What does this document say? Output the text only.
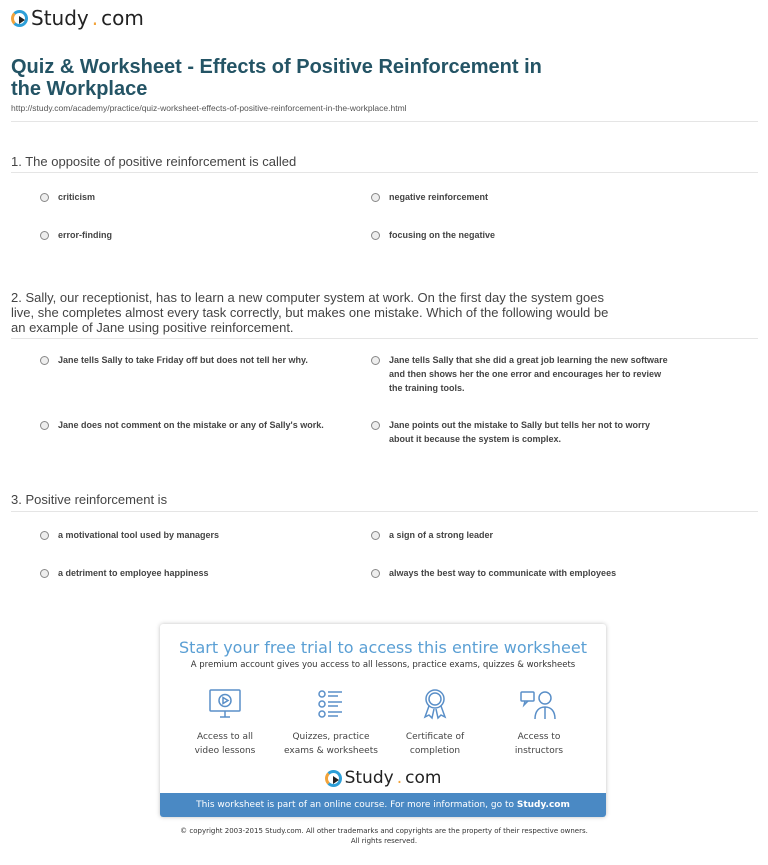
Study . com
Quiz & Worksheet - Effects of Positive Reinforcement in the Workplace
http://study.com/academy/practice/quiz-worksheet-effects-of-positive-reinforcement-in-the-workplace.html
1. The opposite of positive reinforcement is called
criticism	negative reinforcement
error-finding	focusing on the negative
2. Sally, our receptionist, has to learn a new computer system at work. On the first day the system goes live, she completes almost every task correctly, but makes one mistake. Which of the following would be an example of Jane using positive reinforcement.
Jane tells Sally to take Friday off but does not tell her why.	Jane tells Sally that she did a great job learning the new software and then shows her the one error and encourages her to review the training tools.
Jane does not comment on the mistake or any of Sally's work.	Jane points out the mistake to Sally but tells her not to worry about it because the system is complex.
3. Positive reinforcement is
a motivational tool used by managers	a sign of a strong leader
a detriment to employee happiness	always the best way to communicate with employees
Start your free trial to access this entire worksheet
A premium account gives you access to all lessons, practice exams, quizzes & worksheets
Access to all
video lessons
Quizzes, practice
exams & worksheets
Certificate of
completion
Access to
instructors
Study . com
This worksheet is part of an online course. For more information, go to Study.com
© copyright 2003-2015 Study.com. All other trademarks and copyrights are the property of their respective owners.
All rights reserved.
